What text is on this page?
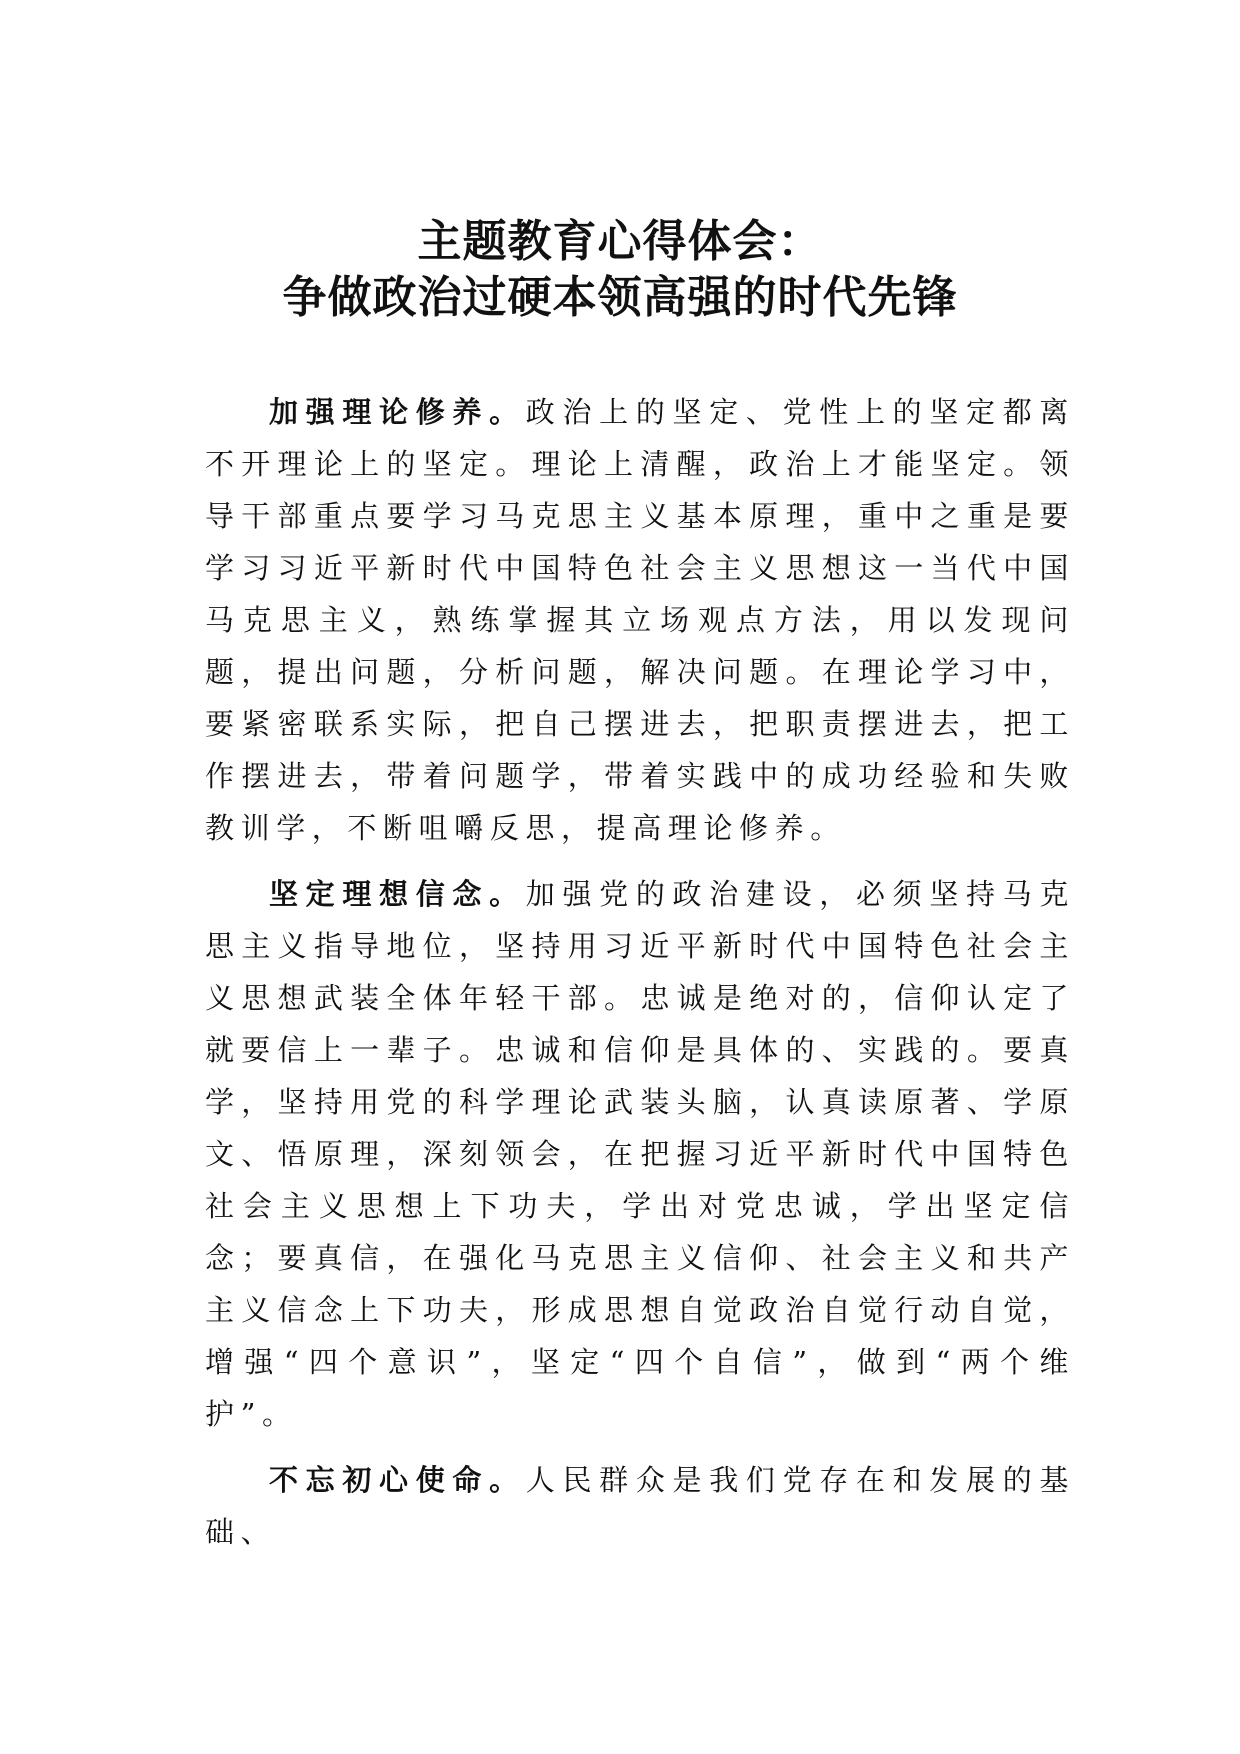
主题教育心得体会：

争做政治过硬本领高强的时代先锋

加强理论修养。政治上的坚定、党性上的坚定都离不开理论上的坚定。理论上清醒，政治上才能坚定。领导干部重点要学习马克思主义基本原理，重中之重是要学习习近平新时代中国特色社会主义思想这一当代中国马克思主义，熟练掌握其立场观点方法，用以发现问题，提出问题，分析问题，解决问题。在理论学习中，要紧密联系实际，把自己摆进去，把职责摆进去，把工作摆进去，带着问题学，带着实践中的成功经验和失败教训学，不断咀嚼反思，提高理论修养。

坚定理想信念。加强党的政治建设，必须坚持马克思主义指导地位，坚持用习近平新时代中国特色社会主义思想武装全体年轻干部。忠诚是绝对的，信仰认定了就要信上一辈子。忠诚和信仰是具体的、实践的。要真学，坚持用党的科学理论武装头脑，认真读原著、学原文、悟原理，深刻领会，在把握习近平新时代中国特色社会主义思想上下功夫，学出对党忠诚，学出坚定信念；要真信，在强化马克思主义信仰、社会主义和共产主义信念上下功夫，形成思想自觉政治自觉行动自觉，增强“四个意识”，坚定“四个自信”，做到“两个维护”。

不忘初心使命。人民群众是我们党存在和发展的基础、
